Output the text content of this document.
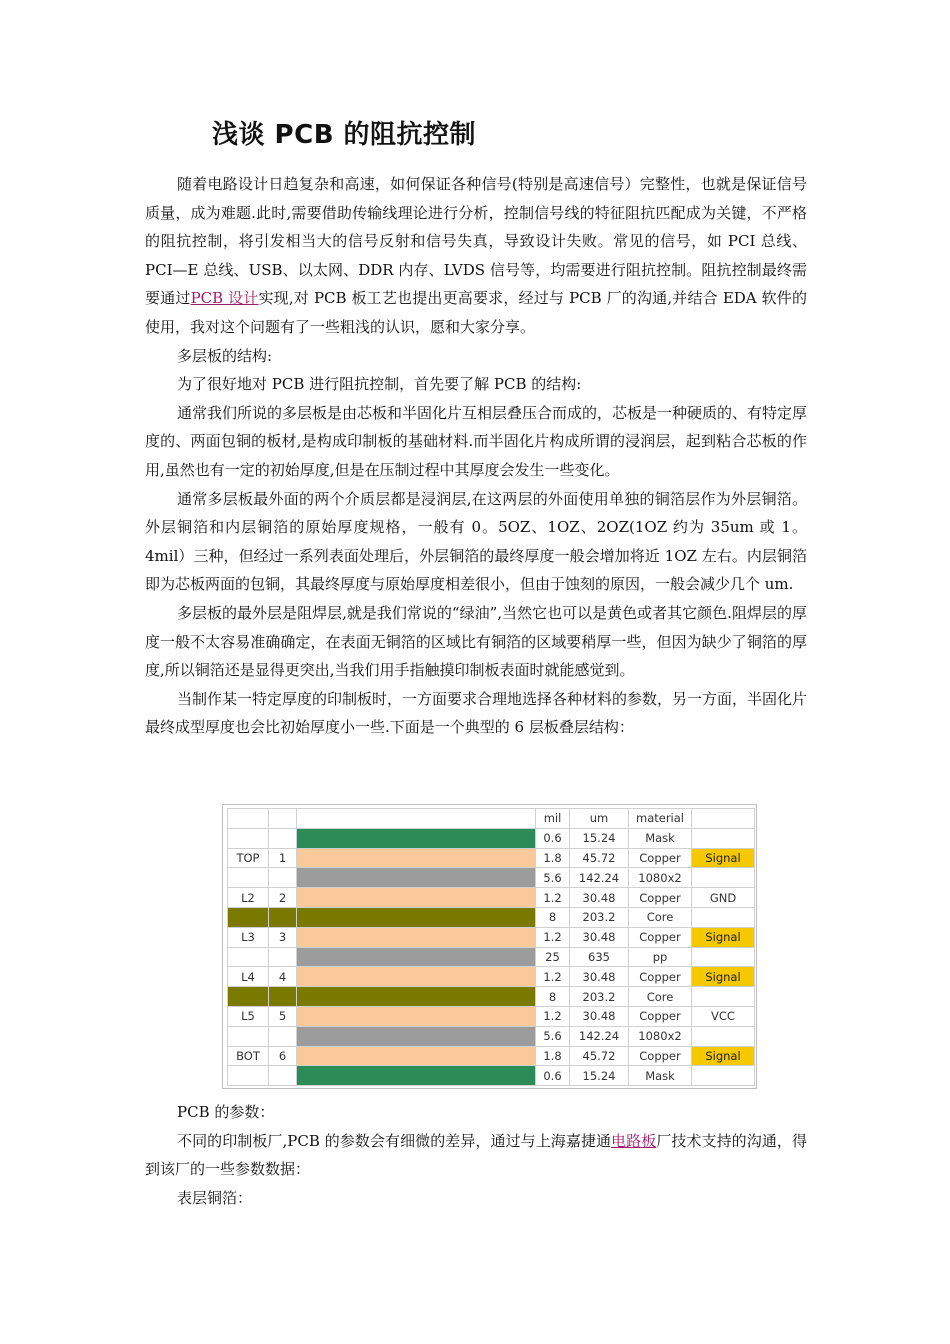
浅谈 PCB 的阻抗控制

随着电路设计日趋复杂和高速，如何保证各种信号(特别是高速信号）完整性，也就是保证信号质量，成为难题.此时,需要借助传输线理论进行分析，控制信号线的特征阻抗匹配成为关键，不严格的阻抗控制，将引发相当大的信号反射和信号失真，导致设计失败。常见的信号，如 PCI 总线、PCI—E 总线、USB、以太网、DDR 内存、LVDS 信号等，均需要进行阻抗控制。阻抗控制最终需要通过PCB 设计实现,对 PCB 板工艺也提出更高要求，经过与 PCB 厂的沟通,并结合 EDA 软件的使用，我对这个问题有了一些粗浅的认识，愿和大家分享。

多层板的结构:

为了很好地对 PCB 进行阻抗控制，首先要了解 PCB 的结构:

通常我们所说的多层板是由芯板和半固化片互相层叠压合而成的，芯板是一种硬质的、有特定厚度的、两面包铜的板材,是构成印制板的基础材料.而半固化片构成所谓的浸润层，起到粘合芯板的作用,虽然也有一定的初始厚度,但是在压制过程中其厚度会发生一些变化。

通常多层板最外面的两个介质层都是浸润层,在这两层的外面使用单独的铜箔层作为外层铜箔。外层铜箔和内层铜箔的原始厚度规格，一般有 0。5OZ、1OZ、2OZ(1OZ 约为 35um 或 1。4mil）三种，但经过一系列表面处理后，外层铜箔的最终厚度一般会增加将近 1OZ 左右。内层铜箔即为芯板两面的包铜，其最终厚度与原始厚度相差很小，但由于蚀刻的原因，一般会减少几个 um.

多层板的最外层是阻焊层,就是我们常说的“绿油”,当然它也可以是黄色或者其它颜色.阻焊层的厚度一般不太容易准确确定，在表面无铜箔的区域比有铜箔的区域要稍厚一些，但因为缺少了铜箔的厚度,所以铜箔还是显得更突出,当我们用手指触摸印制板表面时就能感觉到。

当制作某一特定厚度的印制板时，一方面要求合理地选择各种材料的参数，另一方面，半固化片最终成型厚度也会比初始厚度小一些.下面是一个典型的 6 层板叠层结构：

			mil	um	material	
			0.6	15.24	Mask	
TOP	1		1.8	45.72	Copper	Signal
			5.6	142.24	1080x2	
L2	2		1.2	30.48	Copper	GND
			8	203.2	Core	
L3	3		1.2	30.48	Copper	Signal
			25	635	pp	
L4	4		1.2	30.48	Copper	Signal
			8	203.2	Core	
L5	5		1.2	30.48	Copper	VCC
			5.6	142.24	1080x2	
BOT	6		1.8	45.72	Copper	Signal
			0.6	15.24	Mask	

PCB 的参数：

不同的印制板厂,PCB 的参数会有细微的差异，通过与上海嘉捷通电路板厂技术支持的沟通，得到该厂的一些参数数据：

表层铜箔：
